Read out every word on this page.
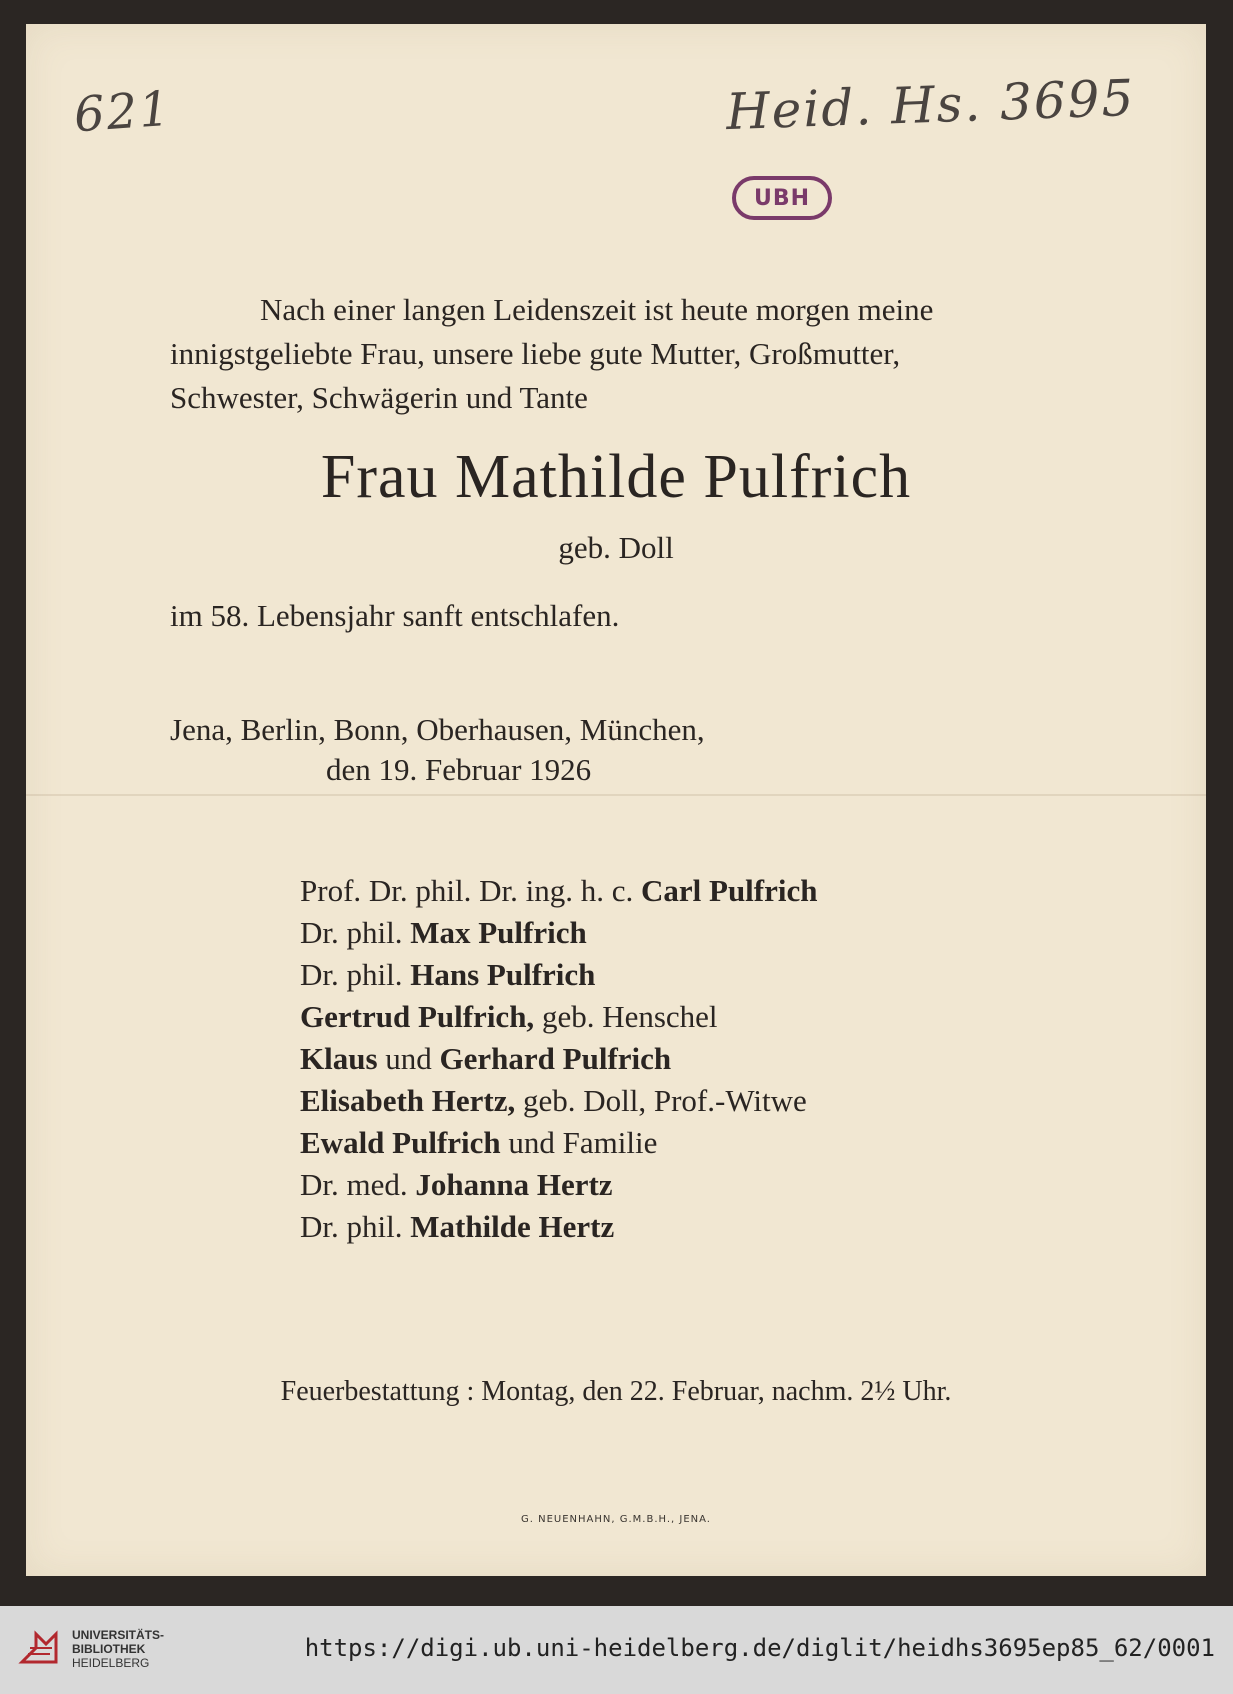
621	Heid. Hs. 3695
UBH
Nach einer langen Leidenszeit ist heute morgen meine
innigstgeliebte Frau, unsere liebe gute Mutter, Großmutter,
Schwester, Schwägerin und Tante
Frau Mathilde Pulfrich
geb. Doll
im 58. Lebensjahr sanft entschlafen.
Jena, Berlin, Bonn, Oberhausen, München,
den 19. Februar 1926
Prof. Dr. phil. Dr. ing. h. c. Carl Pulfrich
Dr. phil. Max Pulfrich
Dr. phil. Hans Pulfrich
Gertrud Pulfrich, geb. Henschel
Klaus und Gerhard Pulfrich
Elisabeth Hertz, geb. Doll, Prof.-Witwe
Ewald Pulfrich und Familie
Dr. med. Johanna Hertz
Dr. phil. Mathilde Hertz
Feuerbestattung : Montag, den 22. Februar, nachm. 2½ Uhr.
G. NEUENHAHN, G.M.B.H., JENA.
UNIVERSITÄTS-
BIBLIOTHEK
HEIDELBERG
https://digi.ub.uni-heidelberg.de/diglit/heidhs3695ep85_62/0001
